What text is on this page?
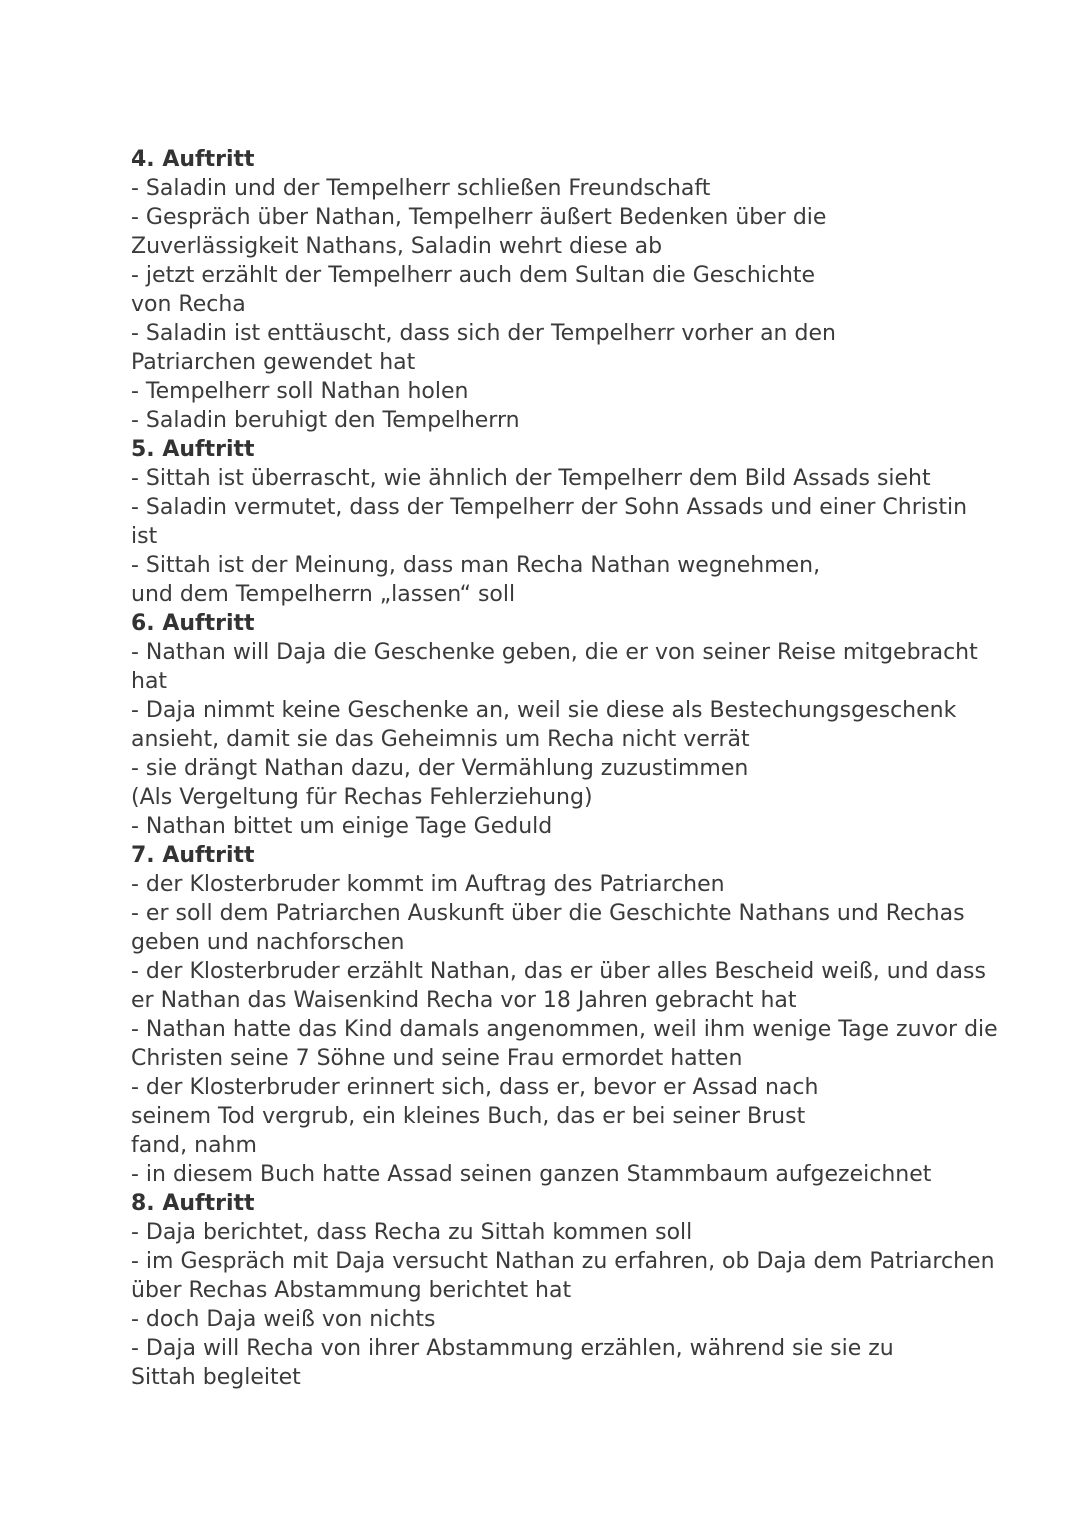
4. Auftritt
- Saladin und der Tempelherr schließen Freundschaft
- Gespräch über Nathan, Tempelherr äußert Bedenken über die
Zuverlässigkeit Nathans, Saladin wehrt diese ab
- jetzt erzählt der Tempelherr auch dem Sultan die Geschichte
von Recha
- Saladin ist enttäuscht, dass sich der Tempelherr vorher an den
Patriarchen gewendet hat
- Tempelherr soll Nathan holen
- Saladin beruhigt den Tempelherrn
5. Auftritt
- Sittah ist überrascht, wie ähnlich der Tempelherr dem Bild Assads sieht
- Saladin vermutet, dass der Tempelherr der Sohn Assads und einer Christin
ist
- Sittah ist der Meinung, dass man Recha Nathan wegnehmen,
und dem Tempelherrn „lassen“ soll
6. Auftritt
- Nathan will Daja die Geschenke geben, die er von seiner Reise mitgebracht
hat
- Daja nimmt keine Geschenke an, weil sie diese als Bestechungsgeschenk
ansieht, damit sie das Geheimnis um Recha nicht verrät
- sie drängt Nathan dazu, der Vermählung zuzustimmen
(Als Vergeltung für Rechas Fehlerziehung)
- Nathan bittet um einige Tage Geduld
7. Auftritt
- der Klosterbruder kommt im Auftrag des Patriarchen
- er soll dem Patriarchen Auskunft über die Geschichte Nathans und Rechas
geben und nachforschen
- der Klosterbruder erzählt Nathan, das er über alles Bescheid weiß, und dass
er Nathan das Waisenkind Recha vor 18 Jahren gebracht hat
- Nathan hatte das Kind damals angenommen, weil ihm wenige Tage zuvor die
Christen seine 7 Söhne und seine Frau ermordet hatten
- der Klosterbruder erinnert sich, dass er, bevor er Assad nach
seinem Tod vergrub, ein kleines Buch, das er bei seiner Brust
fand, nahm
- in diesem Buch hatte Assad seinen ganzen Stammbaum aufgezeichnet
8. Auftritt
- Daja berichtet, dass Recha zu Sittah kommen soll
- im Gespräch mit Daja versucht Nathan zu erfahren, ob Daja dem Patriarchen
über Rechas Abstammung berichtet hat
- doch Daja weiß von nichts
- Daja will Recha von ihrer Abstammung erzählen, während sie sie zu
Sittah begleitet
